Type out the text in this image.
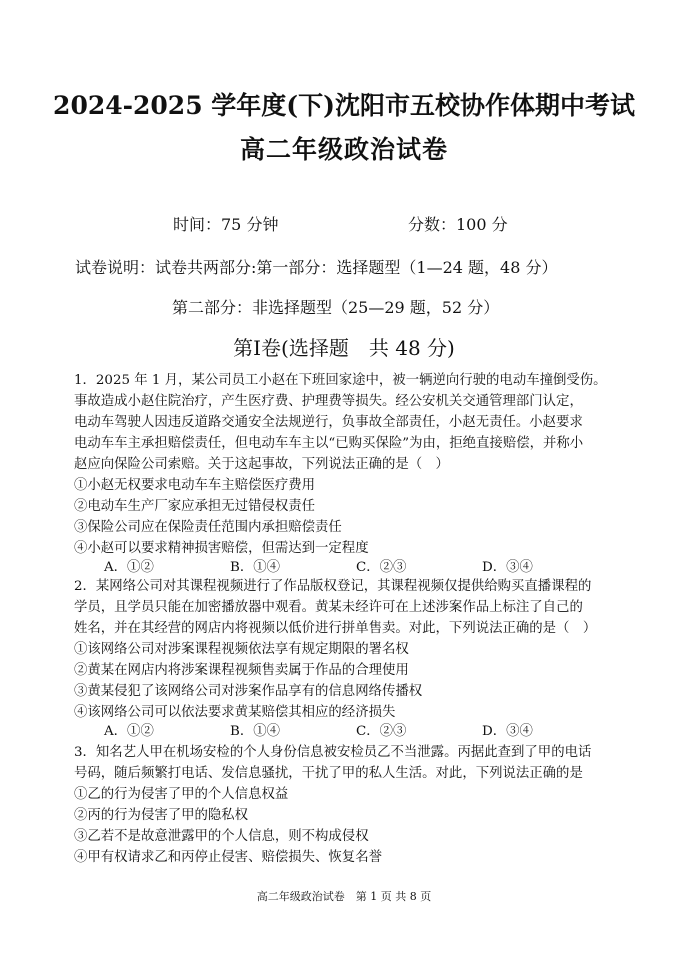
2024-2025 学年度(下)沈阳市五校协作体期中考试
高二年级政治试卷
时间：75 分钟	分数：100 分
试卷说明：试卷共两部分:第一部分：选择题型（1—24 题，48 分）
第二部分：非选择题型（25—29 题，52 分）
第Ⅰ卷(选择题　共 48 分)
1．2025 年 1 月，某公司员工小赵在下班回家途中，被一辆逆向行驶的电动车撞倒受伤。
事故造成小赵住院治疗，产生医疗费、护理费等损失。经公安机关交通管理部门认定，
电动车驾驶人因违反道路交通安全法规逆行，负事故全部责任，小赵无责任。小赵要求
电动车车主承担赔偿责任，但电动车车主以“已购买保险”为由，拒绝直接赔偿，并称小
赵应向保险公司索赔。关于这起事故，下列说法正确的是（　）
①小赵无权要求电动车车主赔偿医疗费用
②电动车生产厂家应承担无过错侵权责任
③保险公司应在保险责任范围内承担赔偿责任
④小赵可以要求精神损害赔偿，但需达到一定程度
A．①②	B．①④	C．②③	D．③④
2．某网络公司对其课程视频进行了作品版权登记，其课程视频仅提供给购买直播课程的
学员，且学员只能在加密播放器中观看。黄某未经许可在上述涉案作品上标注了自己的
姓名，并在其经营的网店内将视频以低价进行拼单售卖。对此，下列说法正确的是（　）
①该网络公司对涉案课程视频依法享有规定期限的署名权
②黄某在网店内将涉案课程视频售卖属于作品的合理使用
③黄某侵犯了该网络公司对涉案作品享有的信息网络传播权
④该网络公司可以依法要求黄某赔偿其相应的经济损失
A．①②	B．①④	C．②③	D．③④
3．知名艺人甲在机场安检的个人身份信息被安检员乙不当泄露。丙据此查到了甲的电话
号码，随后频繁打电话、发信息骚扰，干扰了甲的私人生活。对此，下列说法正确的是
①乙的行为侵害了甲的个人信息权益
②丙的行为侵害了甲的隐私权
③乙若不是故意泄露甲的个人信息，则不构成侵权
④甲有权请求乙和丙停止侵害、赔偿损失、恢复名誉
高二年级政治试卷　第 1 页 共 8 页
